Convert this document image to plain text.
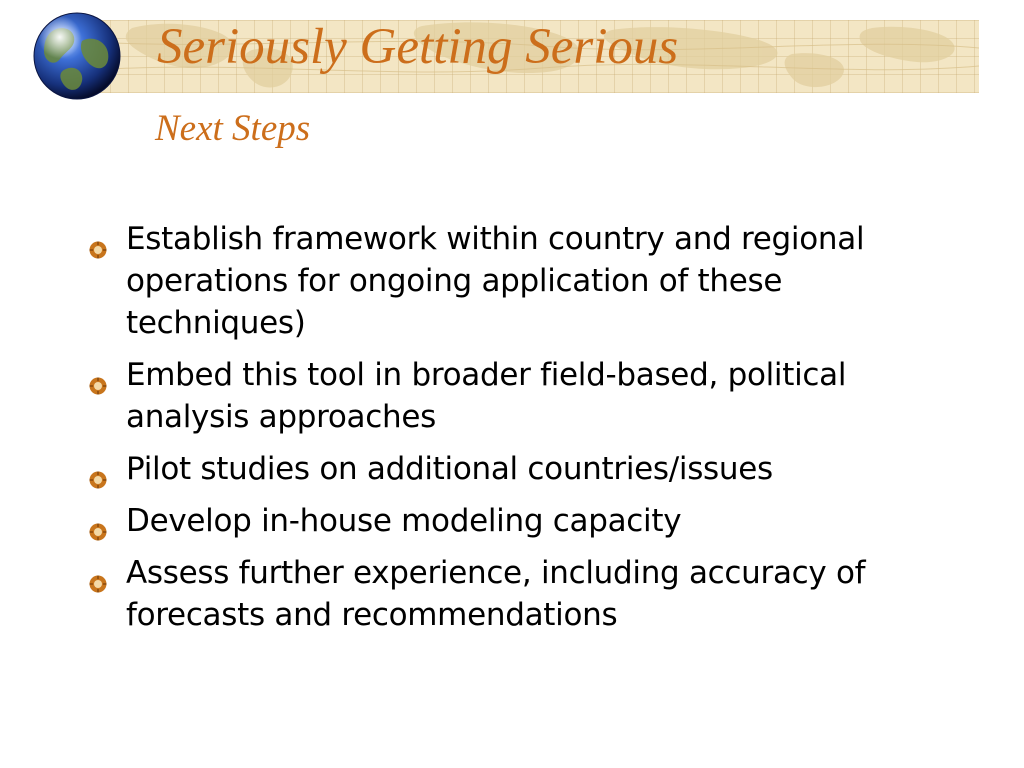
Seriously Getting Serious
Next Steps
Establish framework within country and regional operations for ongoing application of these techniques)
Embed this tool in broader field-based, political analysis approaches
Pilot studies on additional countries/issues
Develop in-house modeling capacity
Assess further experience, including accuracy of forecasts and recommendations
